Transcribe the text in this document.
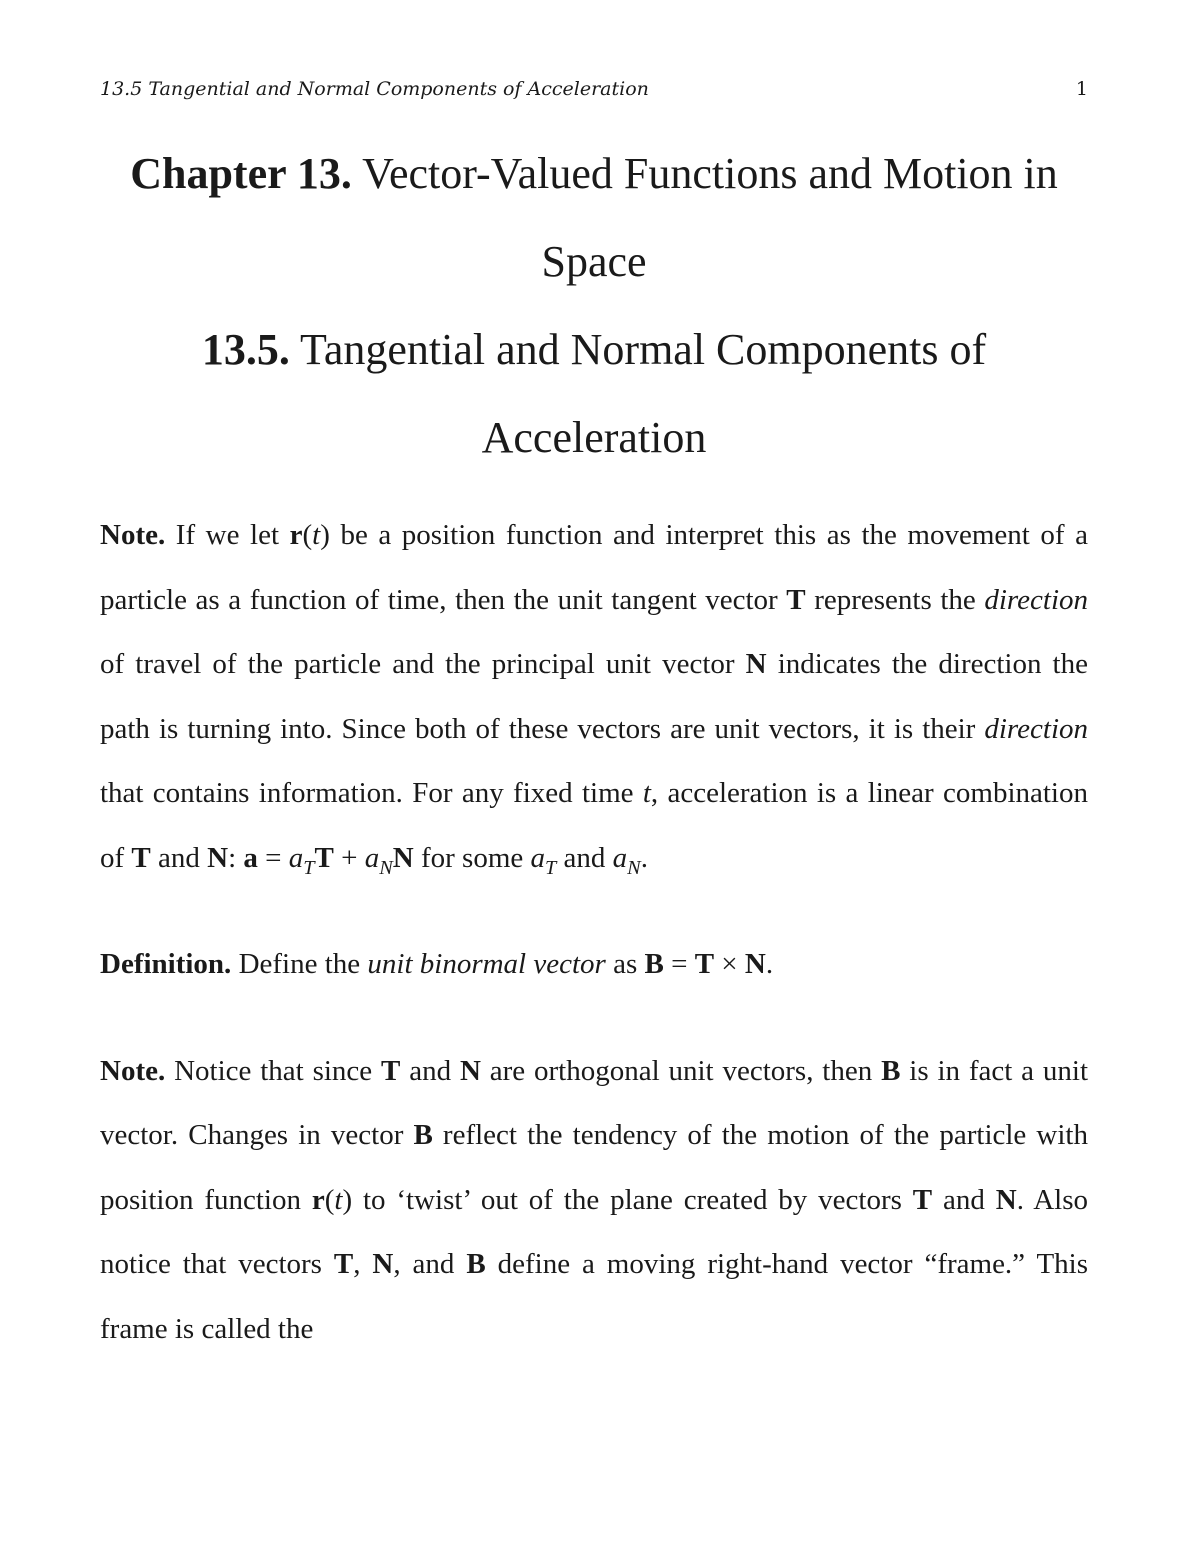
13.5 Tangential and Normal Components of Acceleration	1
Chapter 13. Vector-Valued Functions and Motion in Space
13.5. Tangential and Normal Components of Acceleration

Note. If we let r(t) be a position function and interpret this as the movement of a particle as a function of time, then the unit tangent vector T represents the direction of travel of the particle and the principal unit vector N indicates the direction the path is turning into. Since both of these vectors are unit vectors, it is their direction that contains information. For any fixed time t, acceleration is a linear combination of T and N: $a = a_TT + a_NN$ for some $a_T$ and $a_N$.

Definition. Define the unit binormal vector as B = T × N.

Note. Notice that since T and N are orthogonal unit vectors, then B is in fact a unit vector. Changes in vector B reflect the tendency of the motion of the particle with position function r(t) to ‘twist’ out of the plane created by vectors T and N. Also notice that vectors T, N, and B define a moving right-hand vector “frame.” This frame is called the
